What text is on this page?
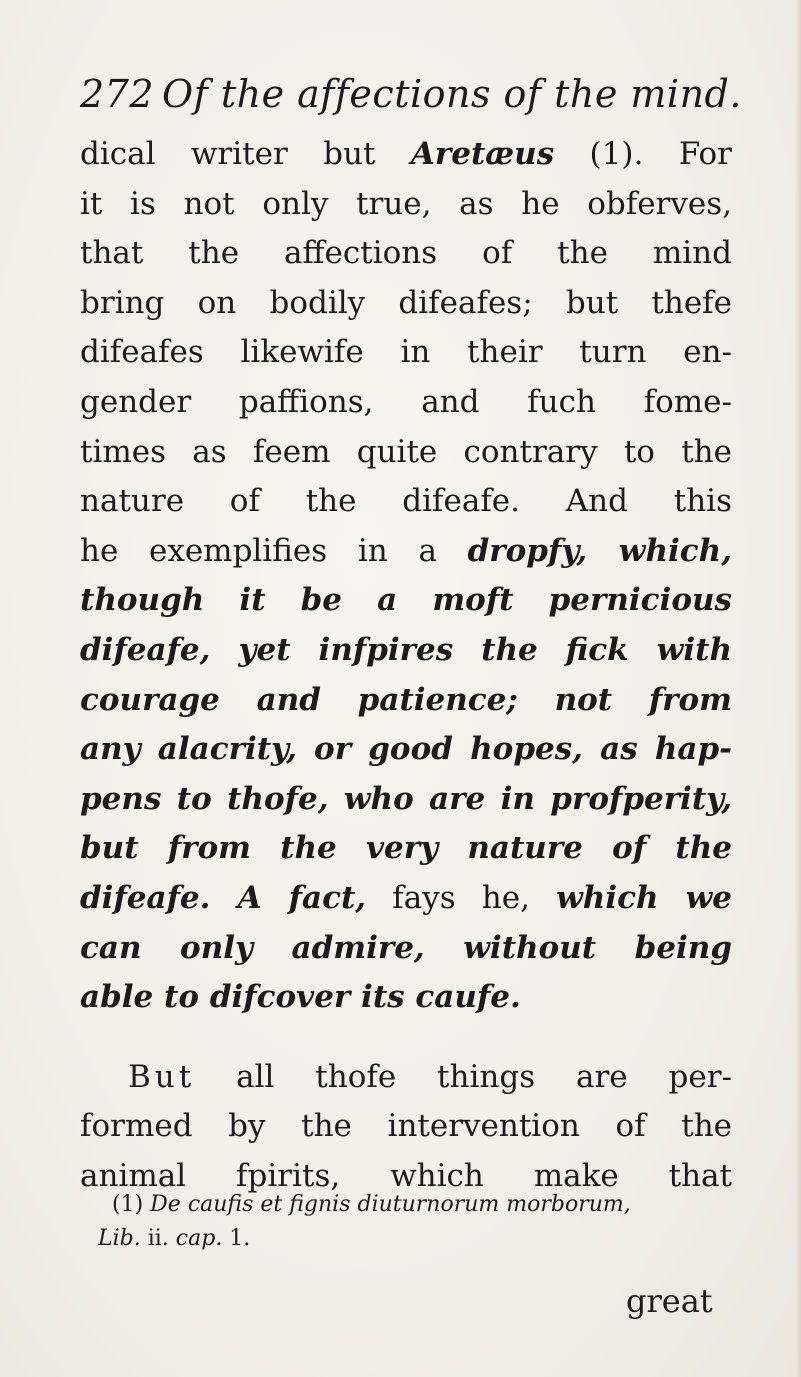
272 Of the affections of the mind.
dical writer but Aretæus (1). For
it is not only true, as he obferves,
that the affections of the mind
bring on bodily difeafes; but thefe
difeafes likewife in their turn en-
gender paffions, and fuch fome-
times as feem quite contrary to the
nature of the difeafe. And this
he exemplifies in a dropfy, which,
though it be a moft pernicious
difeafe, yet infpires the fick with
courage and patience; not from
any alacrity, or good hopes, as hap-
pens to thofe, who are in profperity,
but from the very nature of the
difeafe. A fact, fays he, which we
can only admire, without being
able to difcover its caufe.
But all thofe things are per-
formed by the intervention of the
animal fpirits, which make that
(1) De caufis et fignis diuturnorum morborum,
Lib. ii. cap. 1.
great
